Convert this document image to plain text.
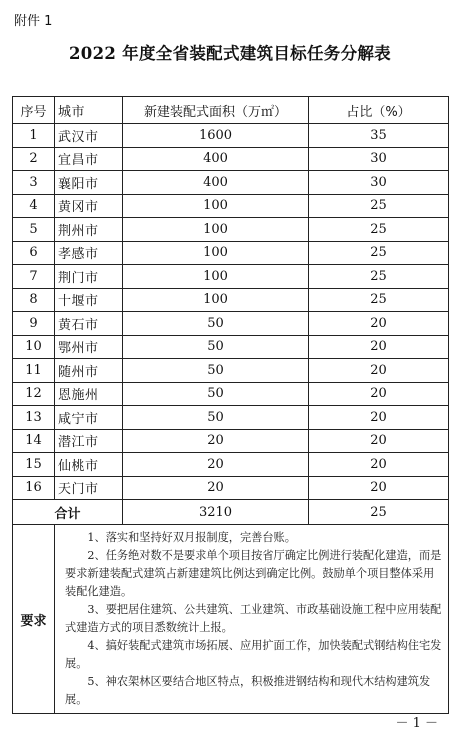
附件 1
2022 年度全省装配式建筑目标任务分解表
序号	城市	新建装配式面积（万㎡）	占比（%）
1	武汉市	1600	35
2	宜昌市	400	30
3	襄阳市	400	30
4	黄冈市	100	25
5	荆州市	100	25
6	孝感市	100	25
7	荆门市	100	25
8	十堰市	100	25
9	黄石市	50	20
10	鄂州市	50	20
11	随州市	50	20
12	恩施州	50	20
13	咸宁市	50	20
14	潜江市	20	20
15	仙桃市	20	20
16	天门市	20	20
合计		3210	25
要求	1、落实和坚持好双月报制度，完善台账。

2、任务绝对数不是要求单个项目按省厅确定比例进行装配化建造，而是要求新建装配式建筑占新建建筑比例达到确定比例。鼓励单个项目整体采用装配化建造。

3、要把居住建筑、公共建筑、工业建筑、市政基础设施工程中应用装配式建造方式的项目悉数统计上报。

4、搞好装配式建筑市场拓展、应用扩面工作，加快装配式钢结构住宅发展。

5、神农架林区要结合地区特点，积极推进钢结构和现代木结构建筑发展。		

－ 1 －
